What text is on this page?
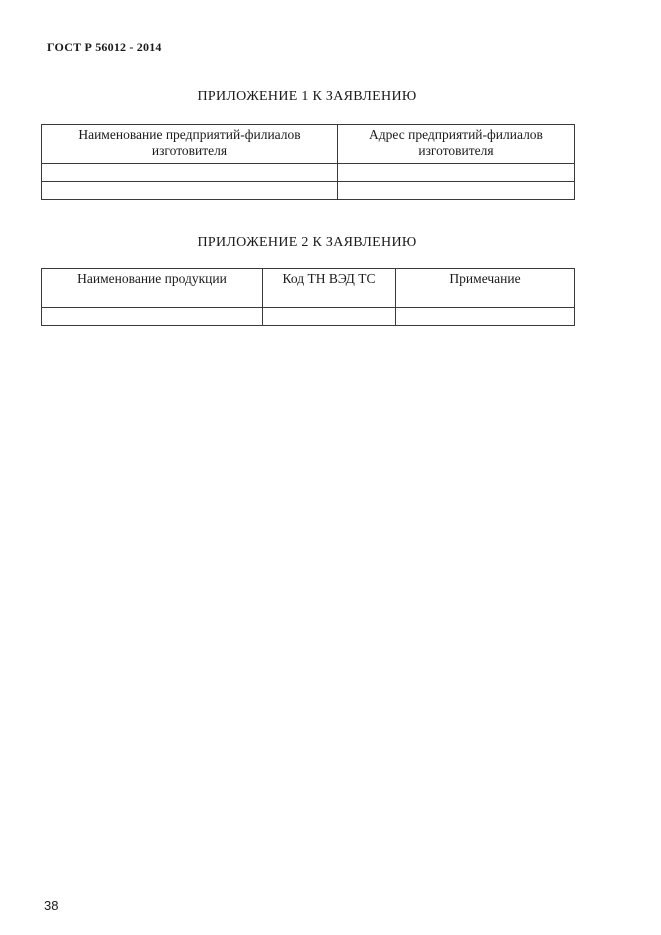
ГОСТ Р 56012 - 2014
ПРИЛОЖЕНИЕ 1 К ЗАЯВЛЕНИЮ
Наименование предприятий-филиалов изготовителя	Адрес предприятий-филиалов изготовителя

ПРИЛОЖЕНИЕ 2 К ЗАЯВЛЕНИЮ
Наименование продукции	Код ТН ВЭД ТС	Примечание

38
